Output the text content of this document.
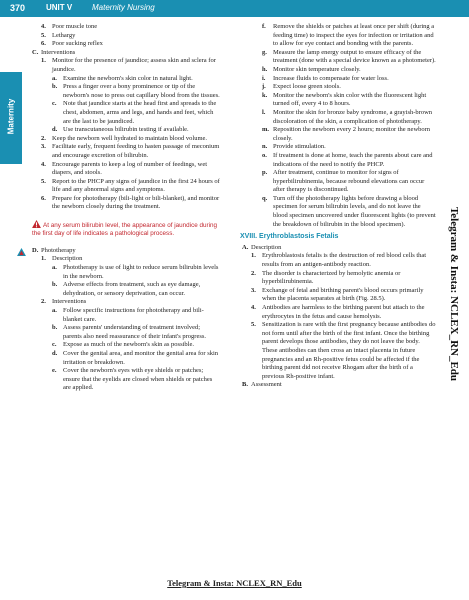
370	UNIT V Maternity Nursing
Maternity
Telegram & Insta: NCLEX_RN_Edu
4. Poor muscle tone
5. Lethargy
6. Poor sucking reflex
C. Interventions
1. Monitor for the presence of jaundice; assess skin and sclera for jaundice.
a. Examine the newborn's skin color in natural light.
b. Press a finger over a bony prominence or tip of the newborn's nose to press out capillary blood from the tissues.
c. Note that jaundice starts at the head first and spreads to the chest, abdomen, arms and legs, and hands and feet, which are the last to be jaundiced.
d. Use transcutaneous bilirubin testing if available.
2. Keep the newborn well hydrated to maintain blood volume.
3. Facilitate early, frequent feeding to hasten passage of meconium and encourage excretion of bilirubin.
4. Encourage parents to keep a log of number of feedings, wet diapers, and stools.
5. Report to the PHCP any signs of jaundice in the first 24 hours of life and any abnormal signs and symptoms.
6. Prepare for phototherapy (bili-light or bili-blanket), and monitor the newborn closely during the treatment.
At any serum bilirubin level, the appearance of jaundice during the first day of life indicates a pathological process.
D. Phototherapy
1. Description
a. Phototherapy is use of light to reduce serum bilirubin levels in the newborn.
b. Adverse effects from treatment, such as eye damage, dehydration, or sensory deprivation, can occur.
2. Interventions
a. Follow specific instructions for phototherapy and bili-blanket care.
b. Assess parents' understanding of treatment involved; parents also need reassurance of their infant's progress.
c. Expose as much of the newborn's skin as possible.
d. Cover the genital area, and monitor the genital area for skin irritation or breakdown.
e. Cover the newborn's eyes with eye shields or patches; ensure that the eyelids are closed when shields or patches are applied.
f. Remove the shields or patches at least once per shift (during a feeding time) to inspect the eyes for infection or irritation and to allow for eye contact and bonding with the parents.
g. Measure the lamp energy output to ensure efficacy of the treatment (done with a special device known as a photometer).
h. Monitor skin temperature closely.
i. Increase fluids to compensate for water loss.
j. Expect loose green stools.
k. Monitor the newborn's skin color with the fluorescent light turned off, every 4 to 8 hours.
l. Monitor the skin for bronze baby syndrome, a grayish-brown discoloration of the skin, a complication of phototherapy.
m. Reposition the newborn every 2 hours; monitor the newborn closely.
n. Provide stimulation.
o. If treatment is done at home, teach the parents about care and indications of the need to notify the PHCP.
p. After treatment, continue to monitor for signs of hyperbilirubinemia, because rebound elevations can occur after therapy is discontinued.
q. Turn off the phototherapy lights before drawing a blood specimen for serum bilirubin levels, and do not leave the blood specimen uncovered under fluorescent lights (to prevent the breakdown of bilirubin in the blood specimen).
XVIII. Erythroblastosis Fetalis
A. Description
1. Erythroblastosis fetalis is the destruction of red blood cells that results from an antigen-antibody reaction.
2. The disorder is characterized by hemolytic anemia or hyperbilirubinemia.
3. Exchange of fetal and birthing parent's blood occurs primarily when the placenta separates at birth (Fig. 28.5).
4. Antibodies are harmless to the birthing parent but attach to the erythrocytes in the fetus and cause hemolysis.
5. Sensitization is rare with the first pregnancy because antibodies do not form until after the birth of the first infant. Once the birthing parent develops those antibodies, they do not leave the body. These antibodies can then cross an intact placenta in future pregnancies and an Rh-positive fetus could be affected if the birthing parent did not receive Rhogam after the birth of a previous Rh-positive infant.
B. Assessment
Telegram & Insta: NCLEX_RN_Edu
